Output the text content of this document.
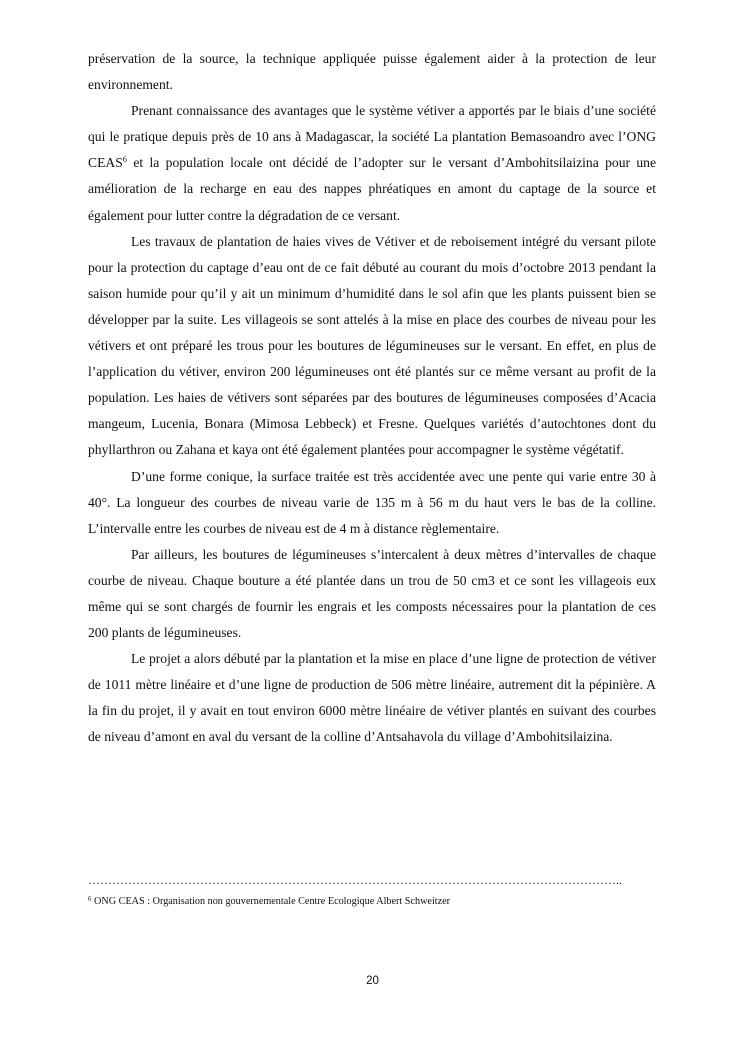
préservation de la source, la technique appliquée puisse également aider à la protection de leur environnement.

Prenant connaissance des avantages que le système vétiver a apportés par le biais d’une société qui le pratique depuis près de 10 ans à Madagascar, la société La plantation Bemasoandro avec l’ONG CEAS$^6$ et la population locale ont décidé de l’adopter sur le versant d’Ambohitsilaizina pour une amélioration de la recharge en eau des nappes phréatiques en amont du captage de la source et également pour lutter contre la dégradation de ce versant.

Les travaux de plantation de haies vives de Vétiver et de reboisement intégré du versant pilote pour la protection du captage d’eau ont de ce fait débuté au courant du mois d’octobre 2013 pendant la saison humide pour qu’il y ait un minimum d’humidité dans le sol afin que les plants puissent bien se développer par la suite. Les villageois se sont attelés à la mise en place des courbes de niveau pour les vétivers et ont préparé les trous pour les boutures de légumineuses sur le versant. En effet, en plus de l’application du vétiver, environ 200 légumineuses ont été plantés sur ce même versant au profit de la population. Les haies de vétivers sont séparées par des boutures de légumineuses composées d’Acacia mangeum, Lucenia, Bonara (Mimosa Lebbeck) et Fresne. Quelques variétés d’autochtones dont du phyllarthron ou Zahana et kaya ont été également plantées pour accompagner le système végétatif.

D’une forme conique, la surface traitée est très accidentée avec une pente qui varie entre 30 à 40°. La longueur des courbes de niveau varie de 135 m à 56 m du haut vers le bas de la colline. L’intervalle entre les courbes de niveau est de 4 m à distance règlementaire.

Par ailleurs, les boutures de légumineuses s’intercalent à deux mètres d’intervalles de chaque courbe de niveau. Chaque bouture a été plantée dans un trou de 50 cm3 et ce sont les villageois eux même qui se sont chargés de fournir les engrais et les composts nécessaires pour la plantation de ces 200 plants de légumineuses.

Le projet a alors débuté par la plantation et la mise en place d’une ligne de protection de vétiver de 1011 mètre linéaire et d’une ligne de production de 506 mètre linéaire, autrement dit la pépinière. A la fin du projet, il y avait en tout environ 6000 mètre linéaire de vétiver plantés en suivant des courbes de niveau d’amont en aval du versant de la colline d’Antsahavola du village d’Ambohitsilaizina.

……………………………………………………………………………………………………………………..
$^6$ ONG CEAS : Organisation non gouvernementale Centre Ecologique Albert Schweitzer
20
